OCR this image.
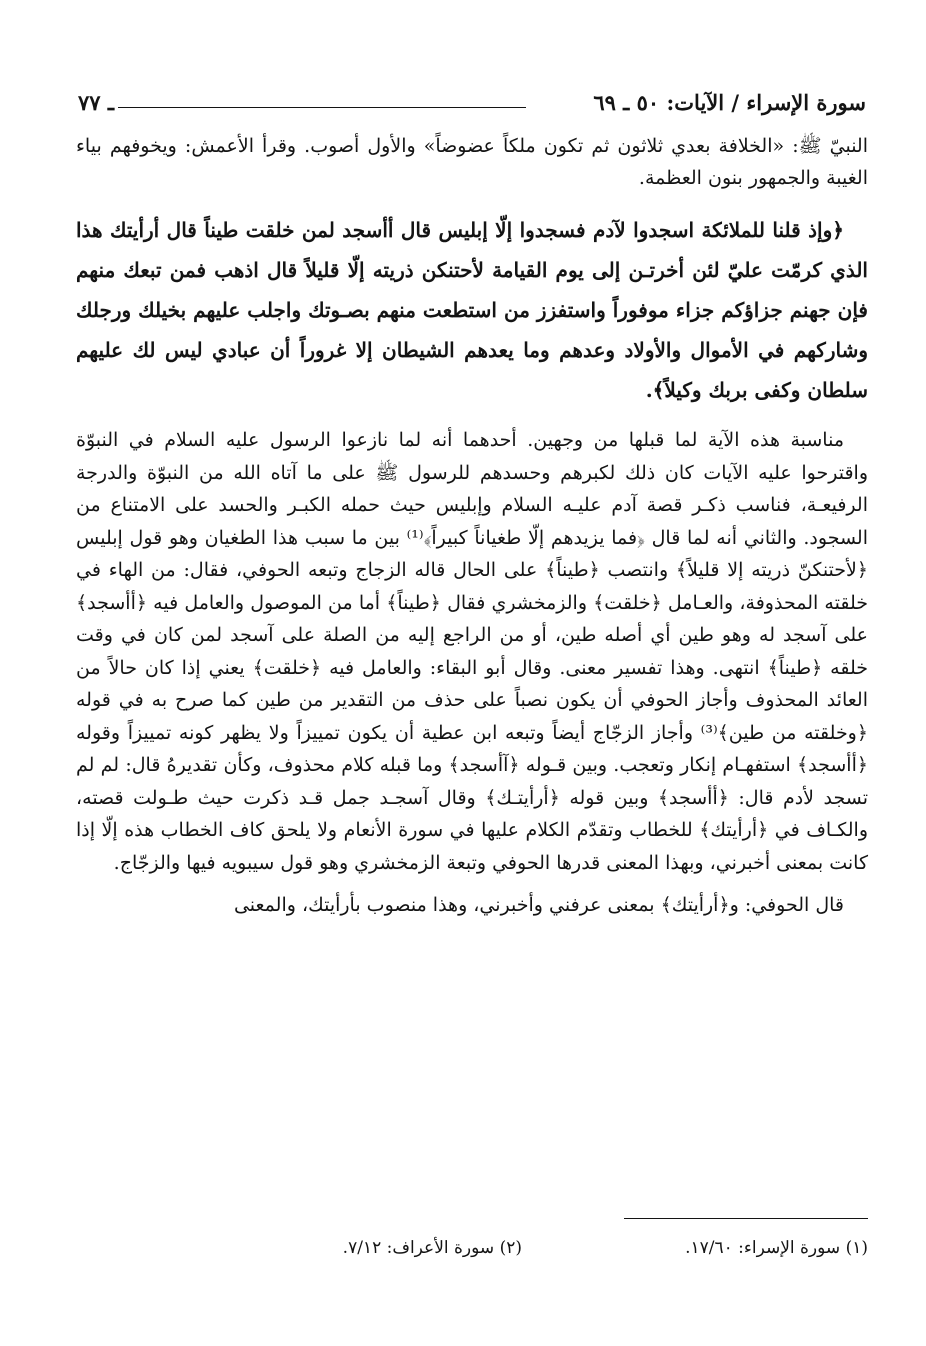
سورة الإسراء / الآيات: ٥٠ ـ ٦٩
ـ ٧٧

النبيّ ﷺ: «الخلافة بعدي ثلاثون ثم تكون ملكاً عضوضاً» والأول أصوب. وقرأ الأعمش: ويخوفهم بياء الغيبة والجمهور بنون العظمة.

﴿وإذ قلنا للملائكة اسجدوا لآدم فسجدوا إلّا إبليس قال أأسجد لمن خلقت طيناً قال أرأيتك هذا الذي كرمّت عليّ لئن أخرتـن إلى يوم القيامة لأحتنكن ذريته إلّا قليلاً قال اذهب فمن تبعك منهم فإن جهنم جزاؤكم جزاء موفوراً واستفزز من استطعت منهم بصـوتك واجلب عليهم بخيلك ورجلك وشاركهم في الأموال والأولاد وعدهم وما يعدهم الشيطان إلا غروراً أن عبادي ليس لك عليهم سلطان وكفى بربك وكيلاً﴾.

مناسبة هذه الآية لما قبلها من وجهين. أحدهما أنه لما نازعوا الرسول عليه السلام في النبوّة واقترحوا عليه الآيات كان ذلك لكبرهم وحسدهم للرسول ﷺ على ما آتاه الله من النبوّة والدرجة الرفيعـة، فناسب ذكـر قصة آدم عليـه السلام وإبليس حيث حمله الكبـر والحسد على الامتناع من السجود. والثاني أنه لما قال ﴿فما يزيدهم إلّا طغياناً كبيراً﴾⁽¹⁾ بين ما سبب هذا الطغيان وهو قول إبليس ﴿لأحتنكنّ ذريته إلا قليلاً﴾ وانتصب ﴿طيناً﴾ على الحال قاله الزجاج وتبعه الحوفي، فقال: من الهاء في خلقته المحذوفة، والعـامل ﴿خلقت﴾ والزمخشري فقال ﴿طيناً﴾ أما من الموصول والعامل فيه ﴿أأسجد﴾ على آسجد له وهو طين أي أصله طين، أو من الراجع إليه من الصلة على آسجد لمن كان في وقت خلقه ﴿طيناً﴾ انتهى. وهذا تفسير معنى. وقال أبو البقاء: والعامل فيه ﴿خلقت﴾ يعني إذا كان حالاً من العائد المحذوف وأجاز الحوفي أن يكون نصباً على حذف من التقدير من طين كما صرح به في قوله ﴿وخلقته من طين﴾⁽³⁾ وأجاز الزجّاج أيضاً وتبعه ابن عطية أن يكون تمييزاً ولا يظهر كونه تمييزاً وقوله ﴿أأسجد﴾ استفهـام إنكار وتعجب. وبين قـوله ﴿آأسجد﴾ وما قبله كلام محذوف، وكأن تقديرهُ قال: لم لم تسجد لأدم قال: ﴿أأسجد﴾ وبين قوله ﴿أرأيتـك﴾ وقال آسجـد جمل قـد ذكرت حيث طـولت قصته، والكـاف في ﴿أرأيتك﴾ للخطاب وتقدّم الكلام عليها في سورة الأنعام ولا يلحق كاف الخطاب هذه إلّا إذا كانت بمعنى أخبرني، وبهذا المعنى قدرها الحوفي وتبعة الزمخشري وهو قول سيبويه فيها والزجّاج.

قال الحوفي: و﴿أرأيتك﴾ بمعنى عرفني وأخبرني، وهذا منصوب بأرأيتك، والمعنى

(١) سورة الإسراء: ١٧/٦٠.
(٢) سورة الأعراف: ٧/١٢.
